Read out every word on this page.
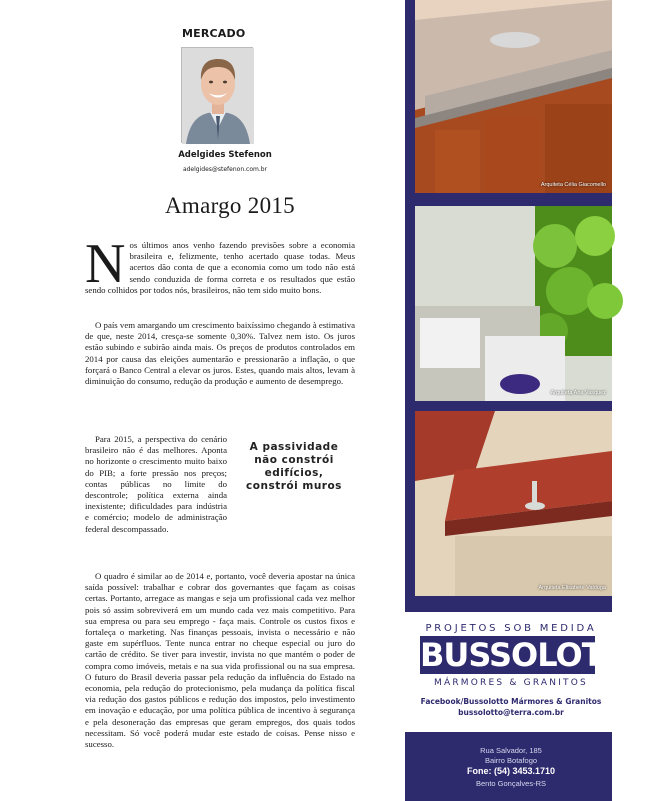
MERCADO
Adelgides Stefenon
adelgides@stefenon.com.br
Amargo 2015

Nos últimos anos venho fazendo previsões sobre a economia brasileira e, felizmente, tenho acertado quase todas. Meus acertos dão conta de que a economia como um todo não está sendo conduzida de forma correta e os resultados que estão sendo colhidos por todos nós, brasileiros, não tem sido muito bons.

O país vem amargando um crescimento baixíssimo chegando à estimativa de que, neste 2014, cresça-se somente 0,30%. Talvez nem isto. Os juros estão subindo e subirão ainda mais. Os preços de produtos controlados em 2014 por causa das eleições aumentarão e pressionarão a inflação, o que forçará o Banco Central a elevar os juros. Estes, quando mais altos, levam à diminuição do consumo, redução da produção e aumento de desemprego.

Para 2015, a perspectiva do cenário brasileiro não é das melhores. Aponta no horizonte o crescimento muito baixo do PIB; a forte pressão nos preços; contas públicas no limite do descontrole; política externa ainda inexistente; dificuldades para indústria e comércio; modelo de administração federal descompassado.

A passividade não constrói edifícios, constrói muros

O quadro é similar ao de 2014 e, portanto, você deveria apostar na única saída possível: trabalhar e cobrar dos governantes que façam as coisas certas. Portanto, arregace as mangas e seja um profissional cada vez melhor pois só assim sobreviverá em um mundo cada vez mais competitivo. Para sua empresa ou para seu emprego - faça mais. Controle os custos fixos e fortaleça o marketing. Nas finanças pessoais, invista o necessário e não gaste em supérfluos. Tente nunca entrar no cheque especial ou juro do cartão de crédito. Se tiver para investir, invista no que mantém o poder de compra como imóveis, metais e na sua vida profissional ou na sua empresa. O futuro do Brasil deveria passar pela redução da influência do Estado na economia, pela redução do protecionismo, pela mudança da política fiscal via redução dos gastos públicos e redução dos impostos, pelo investimento em inovação e educação, por uma política pública de incentivo à segurança e pela desoneração das empresas que geram empregos, dos quais todos necessitam. Só você poderá mudar este estado de coisas. Pense nisso e sucesso.

Arquiteta Célia Giacomello
Arquiteta Ana Vasquez
Arquiteta Elisabete Valduga
PROJETOS SOB MEDIDA
BUSSOLOTTO
MÁRMORES & GRANITOS
Facebook/Bussolotto Mármores & Granitos
bussolotto@terra.com.br
Rua Salvador, 185
Bairro Botafogo
Fone: (54) 3453.1710
Bento Gonçalves-RS
